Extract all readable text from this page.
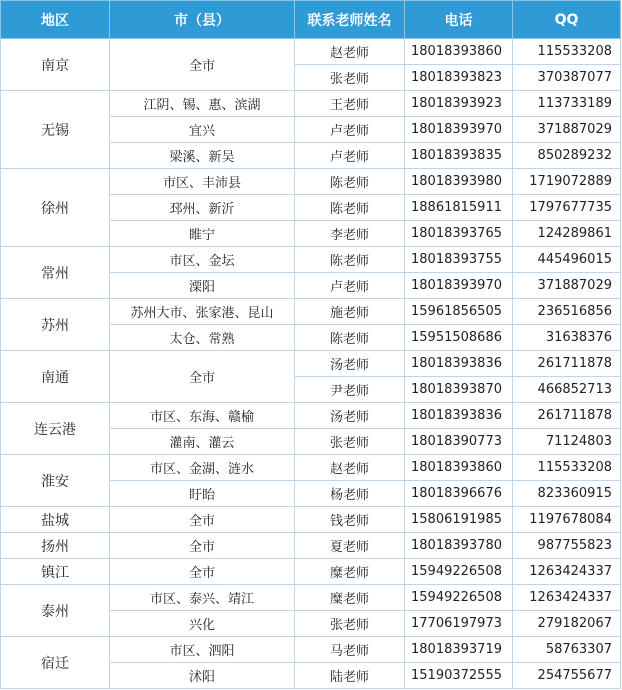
地区	市（县）	联系老师姓名	电话	QQ
南京	全市	赵老师	18018393860	115533208
		张老师	18018393823	370387077
无锡	江阴、锡、惠、滨湖	王老师	18018393923	113733189
	宜兴	卢老师	18018393970	371887029
	梁溪、新吴	卢老师	18018393835	850289232
徐州	市区、丰沛县	陈老师	18018393980	1719072889
	邳州、新沂	陈老师	18861815911	1797677735
	睢宁	李老师	18018393765	124289861
常州	市区、金坛	陈老师	18018393755	445496015
	溧阳	卢老师	18018393970	371887029
苏州	苏州大市、张家港、昆山	施老师	15961856505	236516856
	太仓、常熟	陈老师	15951508686	31638376
南通	全市	汤老师	18018393836	261711878
		尹老师	18018393870	466852713
连云港	市区、东海、赣榆	汤老师	18018393836	261711878
	灌南、灌云	张老师	18018390773	71124803
淮安	市区、金湖、涟水	赵老师	18018393860	115533208
	盱眙	杨老师	18018396676	823360915
盐城	全市	钱老师	15806191985	1197678084
扬州	全市	夏老师	18018393780	987755823
镇江	全市	糜老师	15949226508	1263424337
泰州	市区、泰兴、靖江	糜老师	15949226508	1263424337
	兴化	张老师	17706197973	279182067
宿迁	市区、泗阳	马老师	18018393719	58763307
	沭阳	陆老师	15190372555	254755677
